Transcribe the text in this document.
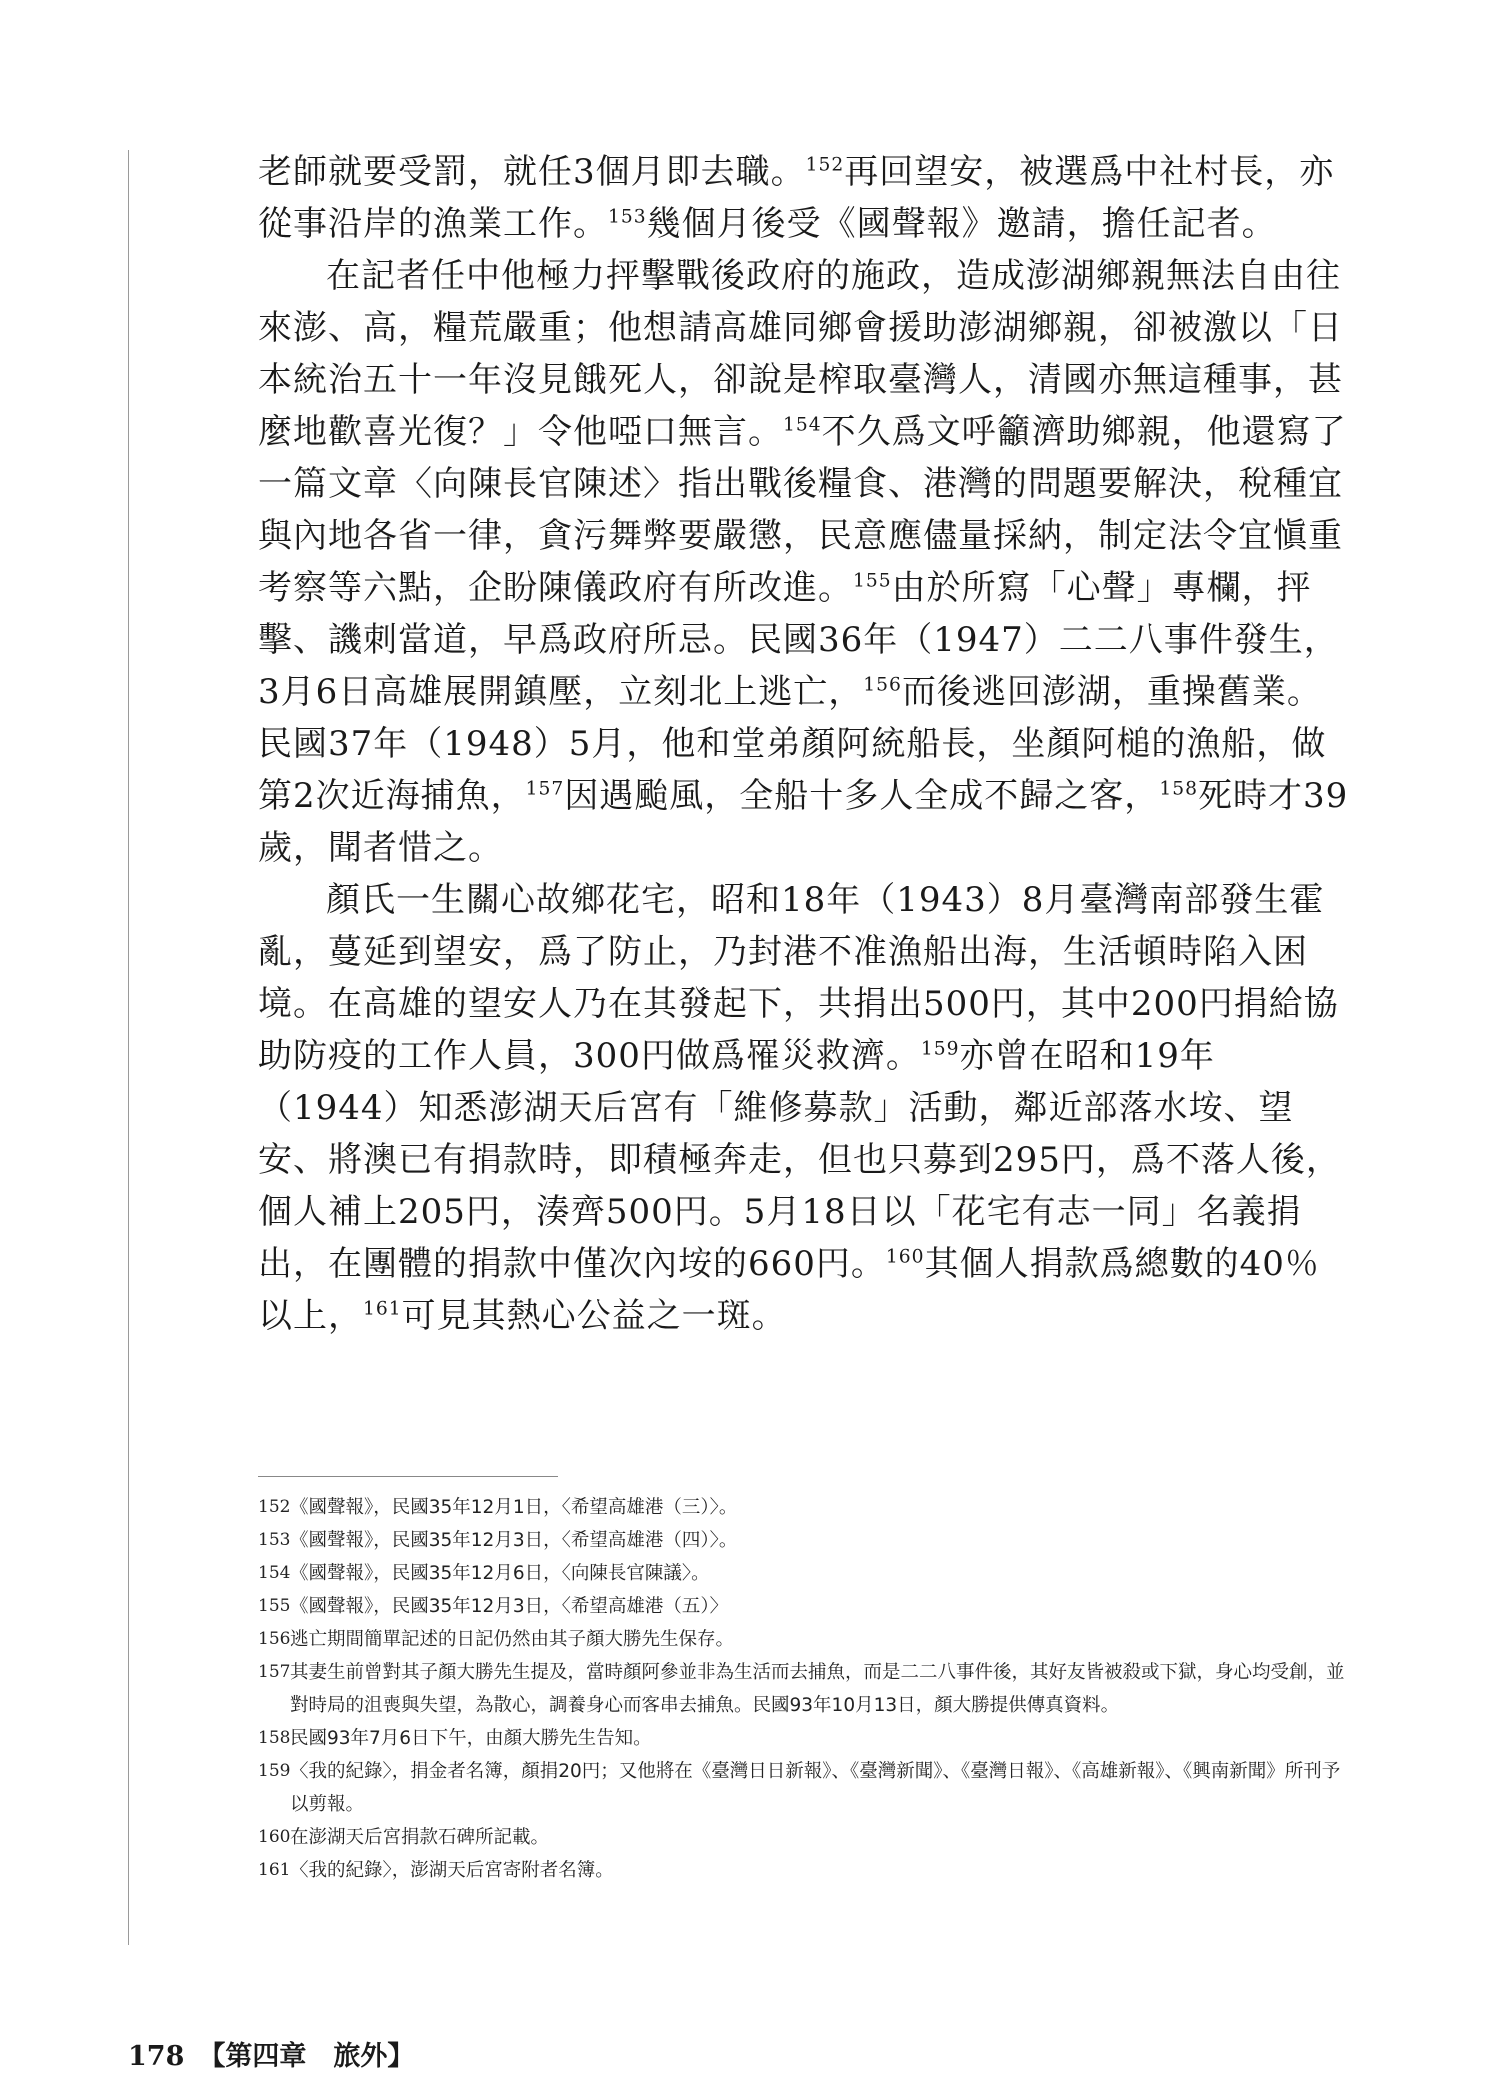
老師就要受罰，就任3個月即去職。$^{152}$再回望安，被選爲中社村長，亦從事沿岸的漁業工作。$^{153}$幾個月後受《國聲報》邀請，擔任記者。

在記者任中他極力抨擊戰後政府的施政，造成澎湖鄉親無法自由往來澎、高，糧荒嚴重；他想請高雄同鄉會援助澎湖鄉親，卻被激以「日本統治五十一年沒見餓死人，卻說是榨取臺灣人，清國亦無這種事，甚麼地歡喜光復？」令他啞口無言。$^{154}$不久爲文呼籲濟助鄉親，他還寫了一篇文章〈向陳長官陳述〉指出戰後糧食、港灣的問題要解決，稅種宜與內地各省一律，貪污舞弊要嚴懲，民意應儘量採納，制定法令宜愼重考察等六點，企盼陳儀政府有所改進。$^{155}$由於所寫「心聲」專欄，抨擊、譏刺當道，早爲政府所忌。民國36年（1947）二二八事件發生，3月6日高雄展開鎮壓，立刻北上逃亡，$^{156}$而後逃回澎湖，重操舊業。民國37年（1948）5月，他和堂弟顏阿統船長，坐顏阿槌的漁船，做第2次近海捕魚，$^{157}$因遇颱風，全船十多人全成不歸之客，$^{158}$死時才39歲，聞者惜之。

顏氏一生關心故鄉花宅，昭和18年（1943）8月臺灣南部發生霍亂，蔓延到望安，爲了防止，乃封港不准漁船出海，生活頓時陷入困境。在高雄的望安人乃在其發起下，共捐出500円，其中200円捐給協助防疫的工作人員，300円做爲罹災救濟。$^{159}$亦曾在昭和19年（1944）知悉澎湖天后宮有「維修募款」活動，鄰近部落水垵、望安、將澳已有捐款時，即積極奔走，但也只募到295円，爲不落人後，個人補上205円，湊齊500円。5月18日以「花宅有志一同」名義捐出，在團體的捐款中僅次內垵的660円。$^{160}$其個人捐款爲總數的40％以上，$^{161}$可見其熱心公益之一斑。

152 《國聲報》，民國35年12月1日，〈希望高雄港（三）〉。
153 《國聲報》，民國35年12月3日，〈希望高雄港（四）〉。
154 《國聲報》，民國35年12月6日，〈向陳長官陳議〉。
155 《國聲報》，民國35年12月3日，〈希望高雄港（五）〉
156 逃亡期間簡單記述的日記仍然由其子顏大勝先生保存。
157 其妻生前曾對其子顏大勝先生提及，當時顏阿參並非為生活而去捕魚，而是二二八事件後，其好友皆被殺或下獄，身心均受創，並對時局的沮喪與失望，為散心，調養身心而客串去捕魚。民國93年10月13日，顏大勝提供傳真資料。
158 民國93年7月6日下午，由顏大勝先生告知。
159 〈我的紀錄〉，捐金者名簿，顏捐20円；又他將在《臺灣日日新報》、《臺灣新聞》、《臺灣日報》、《高雄新報》、《興南新聞》所刊予以剪報。
160 在澎湖天后宮捐款石碑所記載。
161 〈我的紀錄〉，澎湖天后宮寄附者名簿。
178 【第四章　旅外】
